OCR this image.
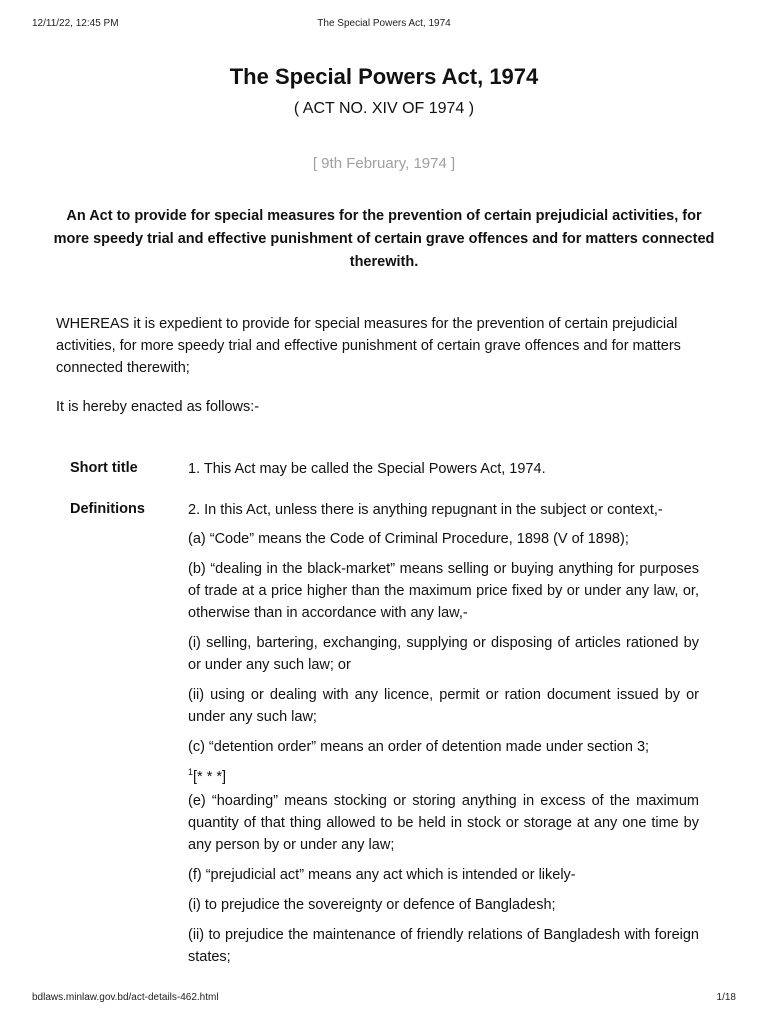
12/11/22, 12:45 PM	The Special Powers Act, 1974
The Special Powers Act, 1974
( ACT NO. XIV OF 1974 )
[ 9th February, 1974 ]
An Act to provide for special measures for the prevention of certain prejudicial activities, for more speedy trial and effective punishment of certain grave offences and for matters connected therewith.
WHEREAS it is expedient to provide for special measures for the prevention of certain prejudicial activities, for more speedy trial and effective punishment of certain grave offences and for matters connected therewith;
It is hereby enacted as follows:-
Short title	1. This Act may be called the Special Powers Act, 1974.
Definitions	2. In this Act, unless there is anything repugnant in the subject or context,-

(a) “Code” means the Code of Criminal Procedure, 1898 (V of 1898);

(b) “dealing in the black-market” means selling or buying anything for purposes of trade at a price higher than the maximum price fixed by or under any law, or, otherwise than in accordance with any law,-

(i) selling, bartering, exchanging, supplying or disposing of articles rationed by or under any such law; or

(ii) using or dealing with any licence, permit or ration document issued by or under any such law;

(c) “detention order” means an order of detention made under section 3;

$^1$[* * *]

(e) “hoarding” means stocking or storing anything in excess of the maximum quantity of that thing allowed to be held in stock or storage at any one time by any person by or under any law;

(f) “prejudicial act” means any act which is intended or likely-

(i) to prejudice the sovereignty or defence of Bangladesh;

(ii) to prejudice the maintenance of friendly relations of Bangladesh with foreign states;

bdlaws.minlaw.gov.bd/act-details-462.html	1/18
